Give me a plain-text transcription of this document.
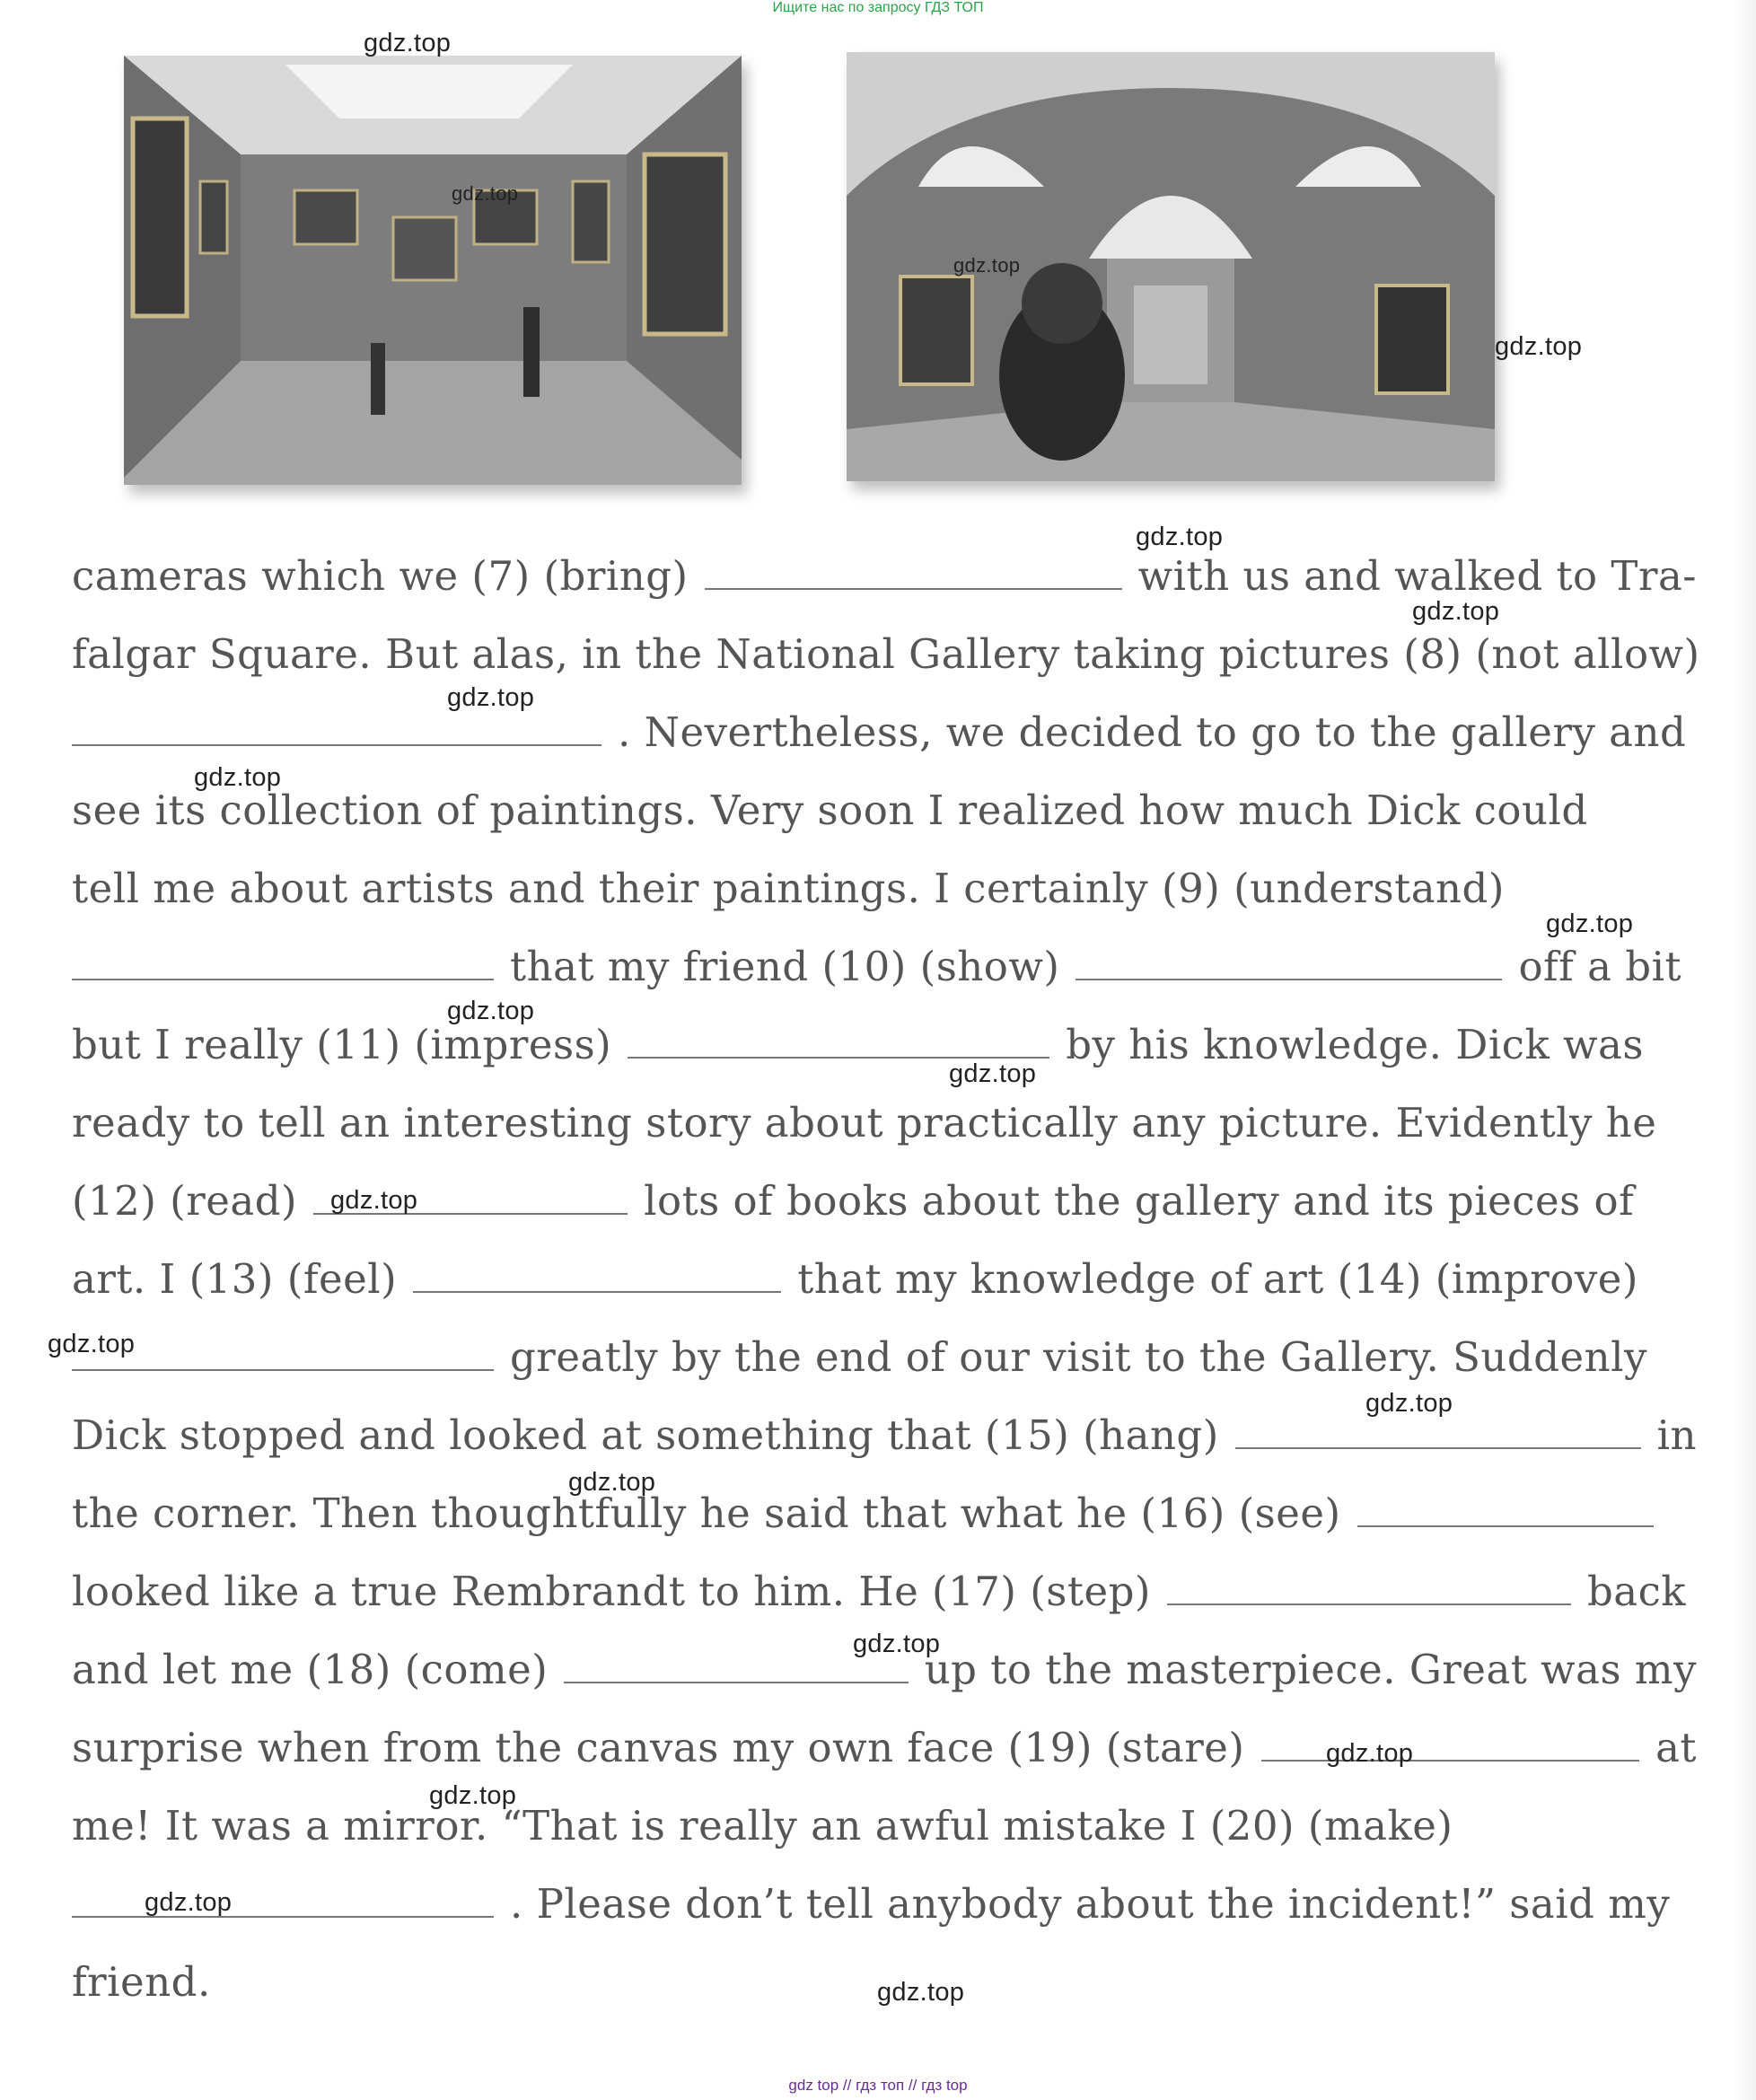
Ищите нас по запросу ГДЗ ТОП
cameras which we (7) (bring)	with us and walked to Tra-
falgar Square. But alas, in the National Gallery taking pictures (8) (not allow)
. Nevertheless, we decided to go to the gallery and
see its collection of paintings. Very soon I realized how much Dick could
tell me about artists and their paintings. I certainly (9) (understand)
that my friend (10) (show)	off a bit
but I really (11) (impress)	by his knowledge. Dick was
ready to tell an interesting story about practically any picture. Evidently he
(12) (read)	lots of books about the gallery and its pieces of
art. I (13) (feel)	that my knowledge of art (14) (improve)
greatly by the end of our visit to the Gallery. Suddenly
Dick stopped and looked at something that (15) (hang)	in
the corner. Then thoughtfully he said that what he (16) (see)
looked like a true Rembrandt to him. He (17) (step)	back
and let me (18) (come)	up to the masterpiece. Great was my
surprise when from the canvas my own face (19) (stare)	at
me! It was a mirror. “That is really an awful mistake I (20) (make)
. Please don’t tell anybody about the incident!” said my
friend.
gdz.top
gdz.top
gdz.top
gdz.top
gdz.top
gdz.top
gdz.top
gdz.top
gdz.top
gdz.top
gdz.top
gdz.top
gdz.top
gdz.top
gdz.top
gdz.top
gdz.top
gdz.top
gdz.top
gdz.top
gdz top // гдз топ // гдз top
